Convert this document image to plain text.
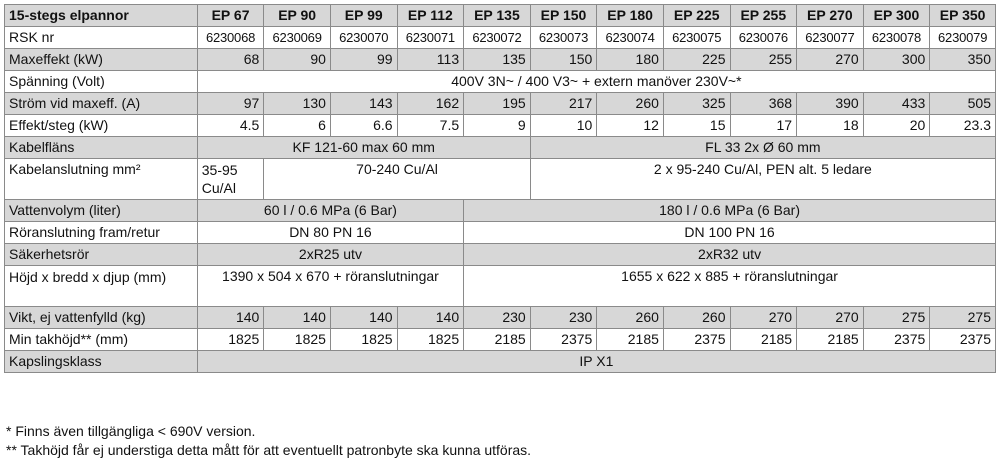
15-stegs elpannor	EP 67	EP 90	EP 99	EP 112	EP 135	EP 150	EP 180	EP 225	EP 255	EP 270	EP 300	EP 350
RSK nr	6230068	6230069	6230070	6230071	6230072	6230073	6230074	6230075	6230076	6230077	6230078	6230079
Maxeffekt (kW)	68	90	99	113	135	150	180	225	255	270	300	350
Spänning (Volt)	400V 3N~ / 400 V3~ + extern manöver 230V~*											
Ström vid maxeff. (A)	97	130	143	162	195	217	260	325	368	390	433	505
Effekt/steg (kW)	4.5	6	6.6	7.5	9	10	12	15	17	18	20	23.3
Kabelfläns	KF 121-60 max 60 mm					FL 33 2x Ø 60 mm						
Kabelanslutning mm²	35-95 Cu/Al	70-240 Cu/Al				2 x 95-240 Cu/Al, PEN alt. 5 ledare						
Vattenvolym (liter)	60 l / 0.6 MPa (6 Bar)				180 l / 0.6 MPa (6 Bar)							
Röranslutning fram/retur	DN 80 PN 16				DN 100 PN 16							
Säkerhetsrör	2xR25 utv				2xR32 utv							
Höjd x bredd x djup (mm)	1390 x 504 x 670 + röranslutningar				1655 x 622 x 885 + röranslutningar							
Vikt, ej vattenfylld (kg)	140	140	140	140	230	230	260	260	270	270	275	275
Min takhöjd** (mm)	1825	1825	1825	1825	2185	2375	2185	2375	2185	2185	2375	2375
Kapslingsklass	IP X1											
* Finns även tillgängliga < 690V version.
** Takhöjd får ej understiga detta mått för att eventuellt patronbyte ska kunna utföras.
